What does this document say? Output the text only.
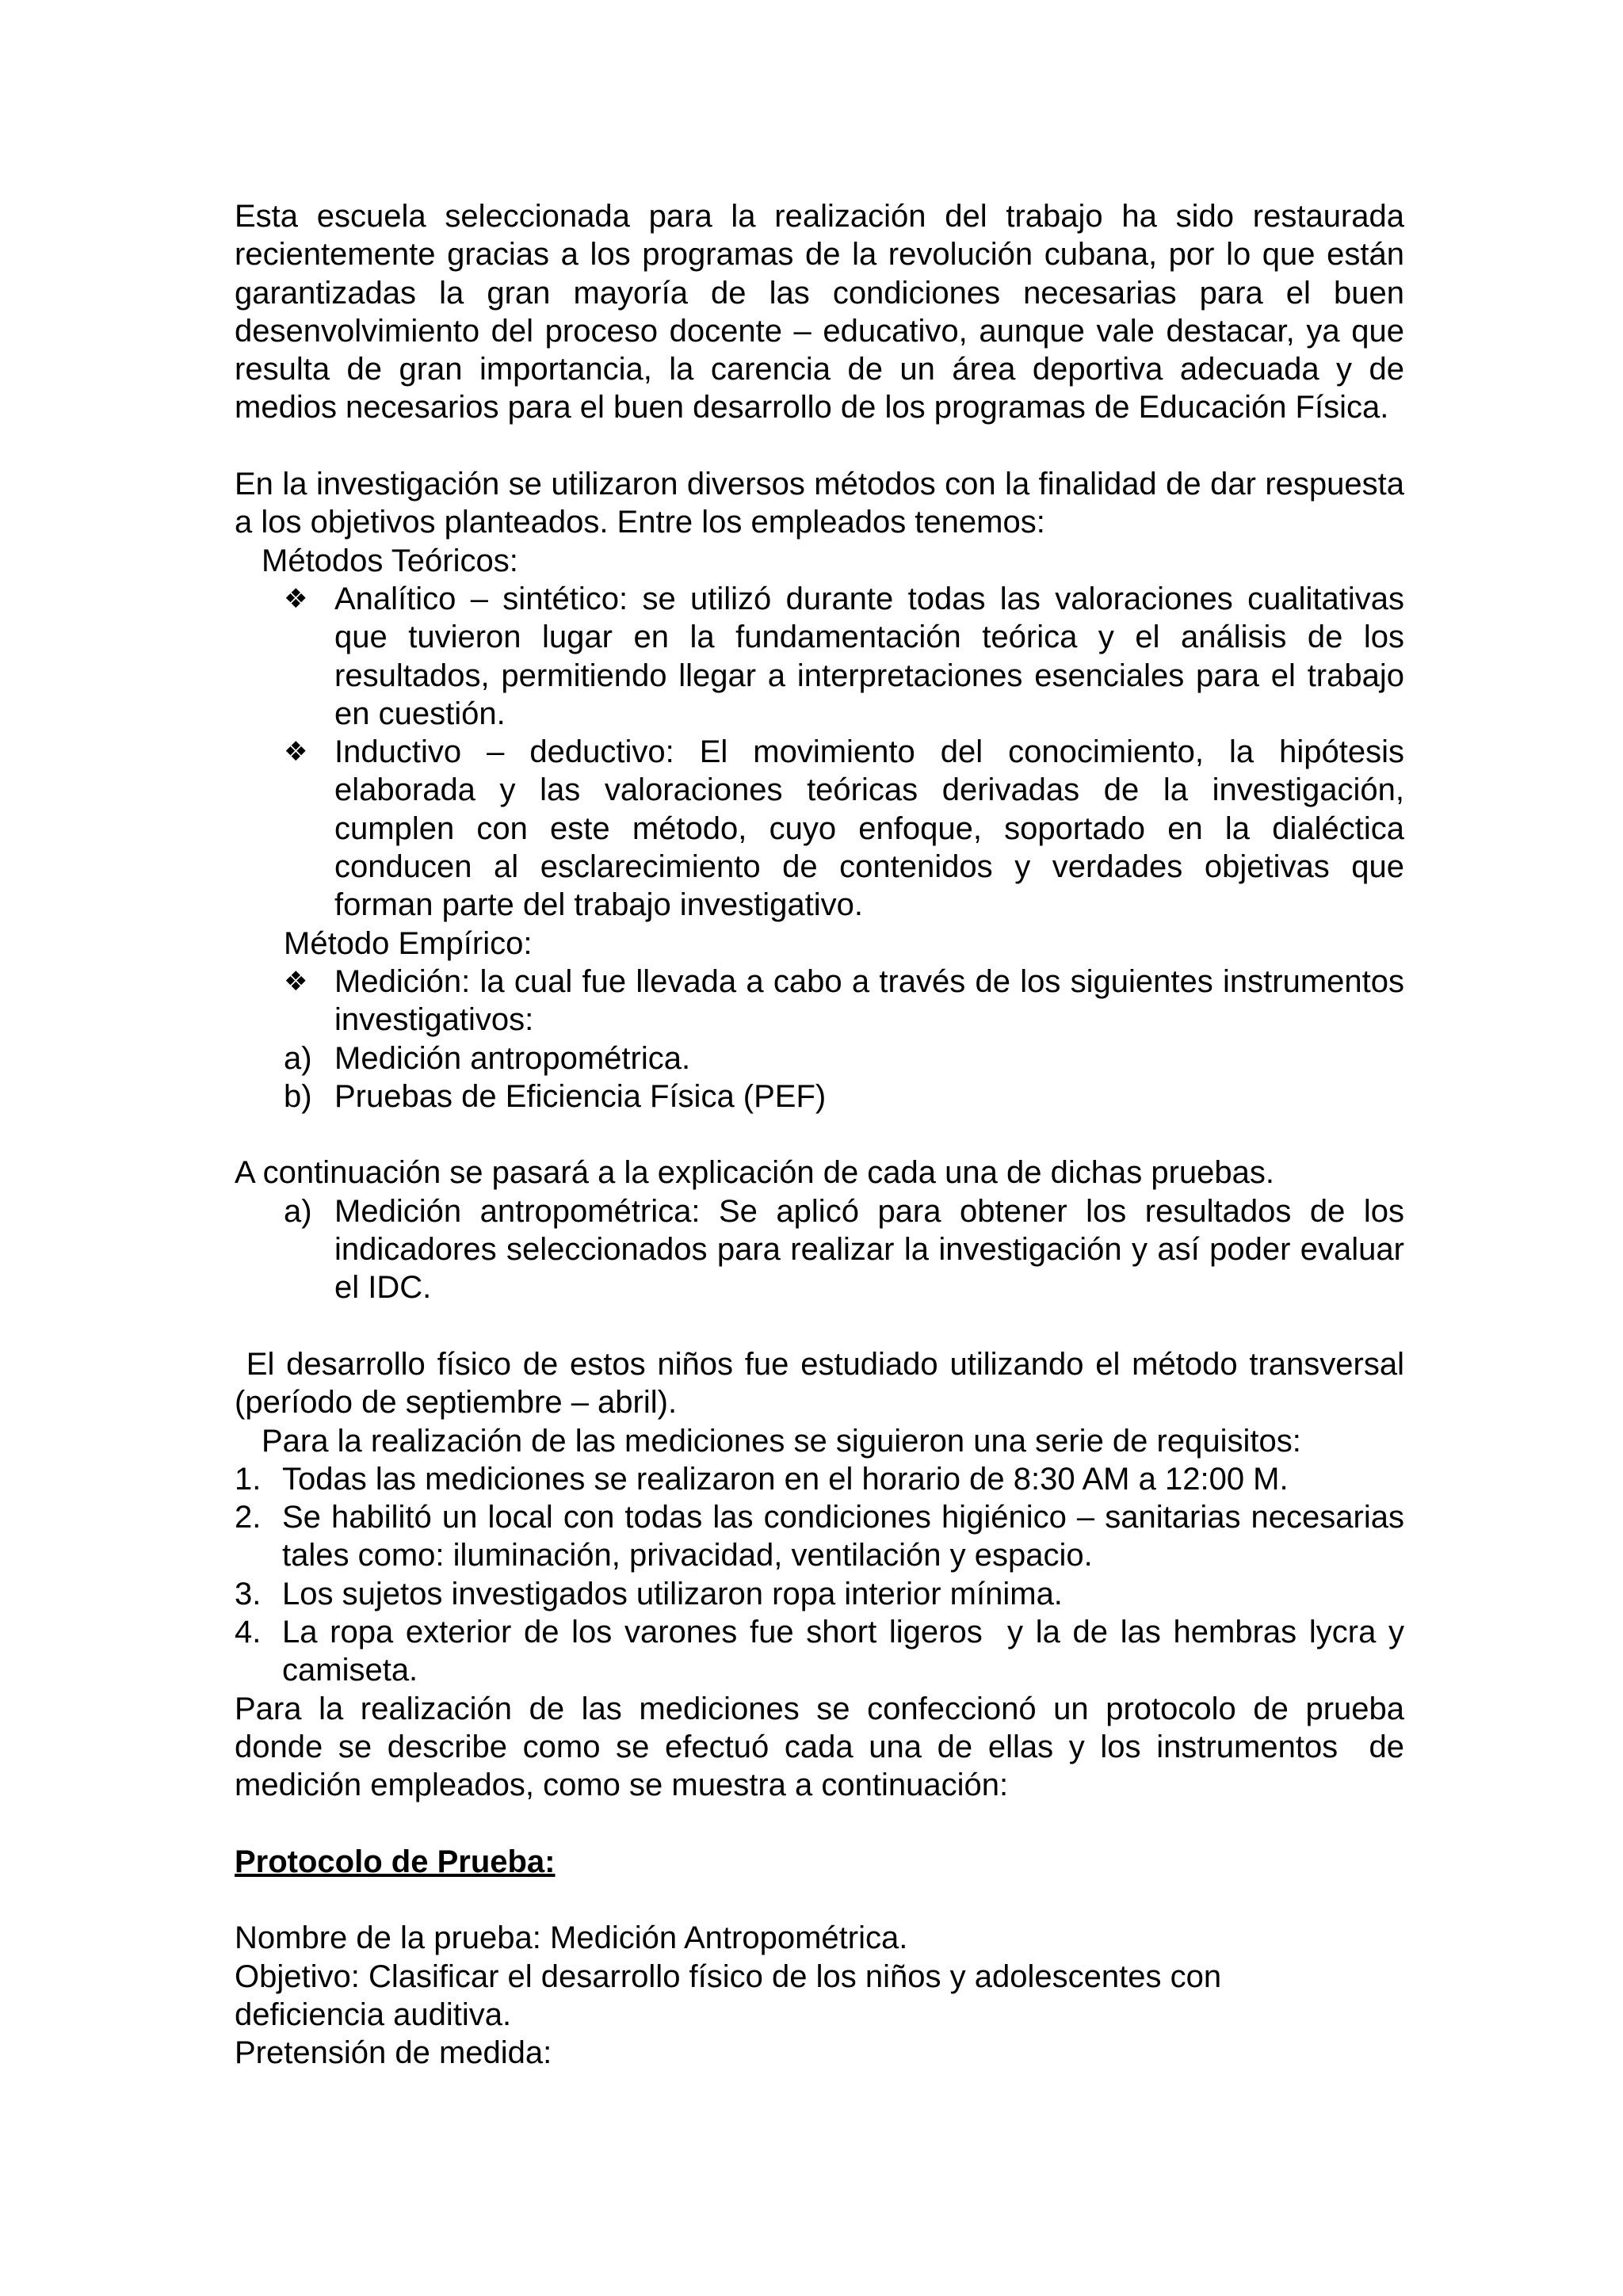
Esta escuela seleccionada para la realización del trabajo ha sido restaurada recientemente gracias a los programas de la revolución cubana, por lo que están garantizadas la gran mayoría de las condiciones necesarias para el buen desenvolvimiento del proceso docente – educativo, aunque vale destacar, ya que resulta de gran importancia, la carencia de un área deportiva adecuada y de medios necesarios para el buen desarrollo de los programas de Educación Física.

En la investigación se utilizaron diversos métodos con la finalidad de dar respuesta a los objetivos planteados. Entre los empleados tenemos:

Métodos Teóricos:

❖ Analítico – sintético: se utilizó durante todas las valoraciones cualitativas que tuvieron lugar en la fundamentación teórica y el análisis de los resultados, permitiendo llegar a interpretaciones esenciales para el trabajo en cuestión.

❖ Inductivo – deductivo: El movimiento del conocimiento, la hipótesis elaborada y las valoraciones teóricas derivadas de la investigación, cumplen con este método, cuyo enfoque, soportado en la dialéctica conducen al esclarecimiento de contenidos y verdades objetivas que forman parte del trabajo investigativo.

Método Empírico:

❖ Medición: la cual fue llevada a cabo a través de los siguientes instrumentos investigativos:

a) Medición antropométrica.

b) Pruebas de Eficiencia Física (PEF)

A continuación se pasará a la explicación de cada una de dichas pruebas.

a) Medición antropométrica: Se aplicó para obtener los resultados de los indicadores seleccionados para realizar la investigación y así poder evaluar el IDC.

El desarrollo físico de estos niños fue estudiado utilizando el método transversal (período de septiembre – abril).

Para la realización de las mediciones se siguieron una serie de requisitos:

1. Todas las mediciones se realizaron en el horario de 8:30 AM a 12:00 M.

2. Se habilitó un local con todas las condiciones higiénico – sanitarias necesarias tales como: iluminación, privacidad, ventilación y espacio.

3. Los sujetos investigados utilizaron ropa interior mínima.

4. La ropa exterior de los varones fue short ligeros  y la de las hembras lycra y camiseta.

Para la realización de las mediciones se confeccionó un protocolo de prueba donde se describe como se efectuó cada una de ellas y los instrumentos  de medición empleados, como se muestra a continuación:

Protocolo de Prueba:

Nombre de la prueba: Medición Antropométrica.

Objetivo: Clasificar el desarrollo físico de los niños y adolescentes con deficiencia auditiva.

Pretensión de medida:
